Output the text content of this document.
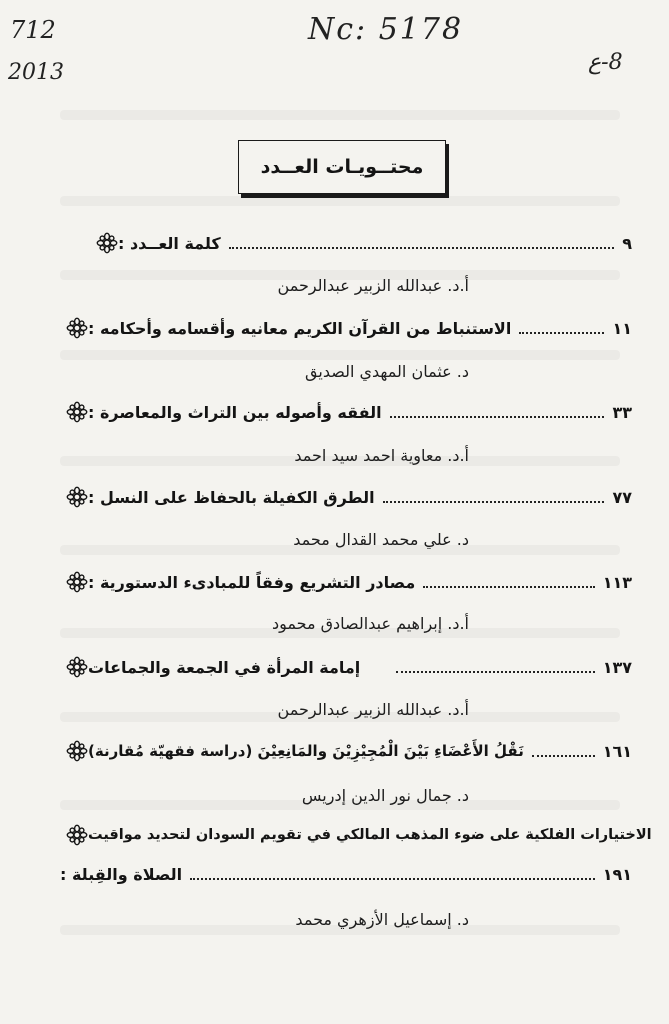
712
2013
Nc: 5178
8-ع
محتــويـات العــدد
كلمة العــدد :	٩
أ.د. عبدالله الزبير عبدالرحمن
الاستنباط من القرآن الكريم معانيه وأقسامه وأحكامه :	١١
د. عثمان المهدي الصديق
الفقه وأصوله بين التراث والمعاصرة :	٣٣
أ.د. معاوية احمد سيد احمد
الطرق الكفيلة بالحفاظ على النسل :	٧٧
د. علي محمد القدال محمد
مصادر التشريع وفقاً للمبادىء الدستورية :	١١٣
أ.د. إبراهيم عبدالصادق محمود
إمامة المرأة في الجمعة والجماعات	١٣٧
أ.د. عبدالله الزبير عبدالرحمن
نَقْلُ الأَعْضَاءِ بَيْنَ الْمُجِيْزِيْنَ والمَانِعِيْنَ (دراسة فقهيّة مُقارنة)	١٦١
د. جمال نور الدين إدريس
الاختيارات الفلكية على ضوء المذهب المالكي في تقويم السودان لتحديد مواقيت
الصلاة والقِبلة :	١٩١
د. إسماعيل الأزهري محمد
